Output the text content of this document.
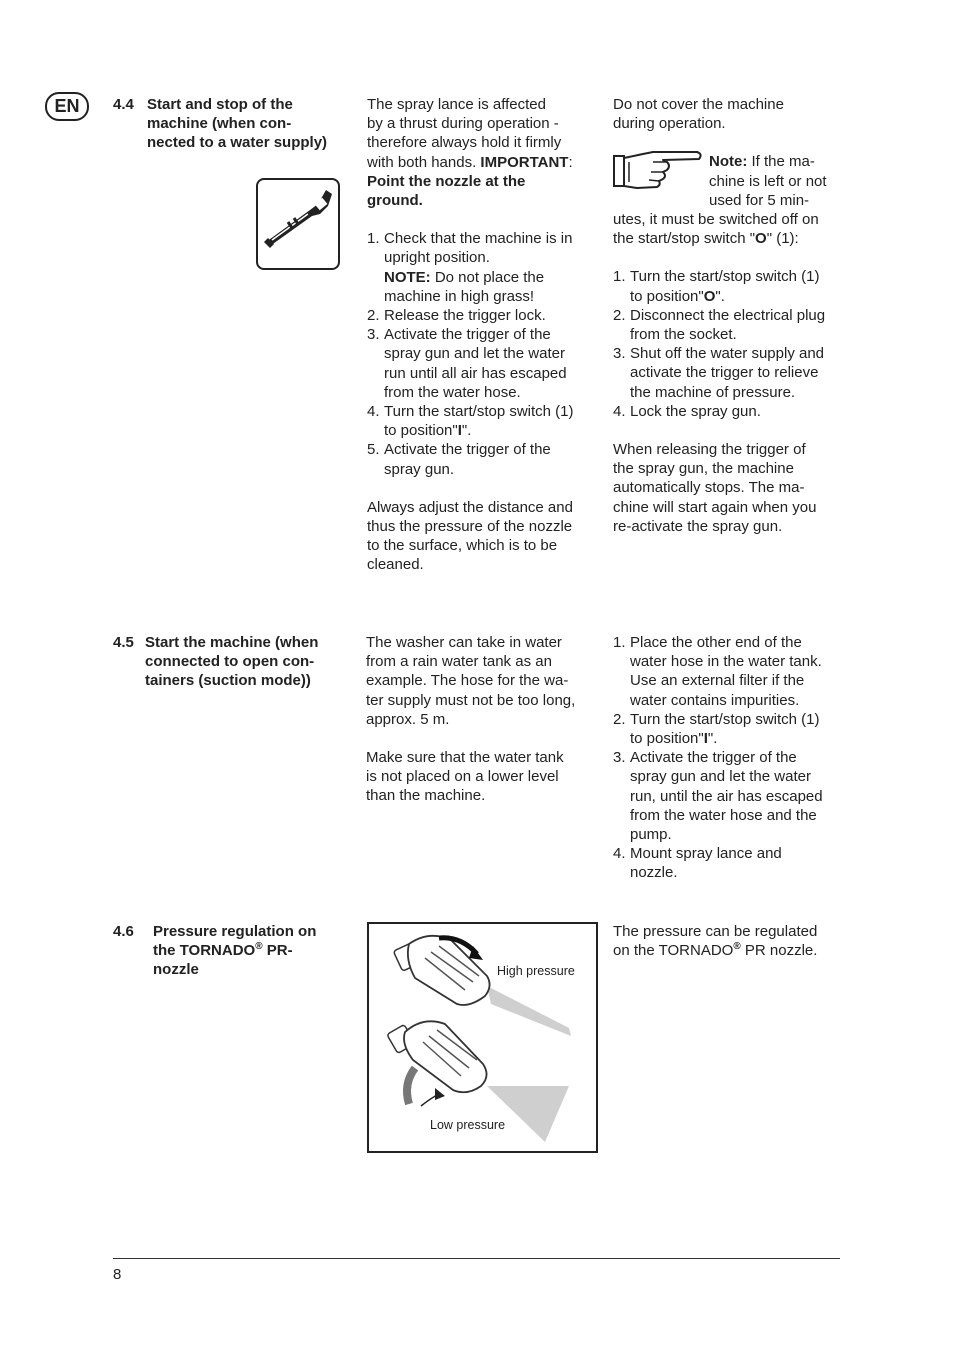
EN	4.4 Start and stop of the
machine (when con-
nected to a water supply)

The spray lance is affected
by a thrust during operation -
therefore always hold it firmly
with both hands. IMPORTANT:
Point the nozzle at the
ground.

1. Check that the machine is in
upright position.
NOTE: Do not place the
machine in high grass!
2. Release the trigger lock.
3. Activate the trigger of the
spray gun and let the water
run until all air has escaped
from the water hose.
4. Turn the start/stop switch (1)
to position"I".
5. Activate the trigger of the
spray gun.

Always adjust the distance and
thus the pressure of the nozzle
to the surface, which is to be
cleaned.

Do not cover the machine
during operation.

Note: If the ma-
chine is left or not
used for 5 min-

utes, it must be switched off on
the start/stop switch "O" (1):

1. Turn the start/stop switch (1)
to position"O".
2. Disconnect the electrical plug
from the socket.
3. Shut off the water supply and
activate the trigger to relieve
the machine of pressure.
4. Lock the spray gun.

When releasing the trigger of
the spray gun, the machine
automatically stops. The ma-
chine will start again when you
re-activate the spray gun.

4.5 Start the machine (when
connected to open con-
tainers (suction mode))

The washer can take in water
from a rain water tank as an
example. The hose for the wa-
ter supply must not be too long,
approx. 5 m.

Make sure that the water tank
is not placed on a lower level
than the machine.

1. Place the other end of the
water hose in the water tank.
Use an external filter if the
water contains impurities.
2. Turn the start/stop switch (1)
to position"I".
3. Activate the trigger of the
spray gun and let the water
run, until the air has escaped
from the water hose and the
pump.
4. Mount spray lance and
nozzle.
4.6 Pressure regulation on
the TORNADO® PR-
nozzle	High pressure
Low pressure

The pressure can be regulated
on the TORNADO® PR nozzle.

8
